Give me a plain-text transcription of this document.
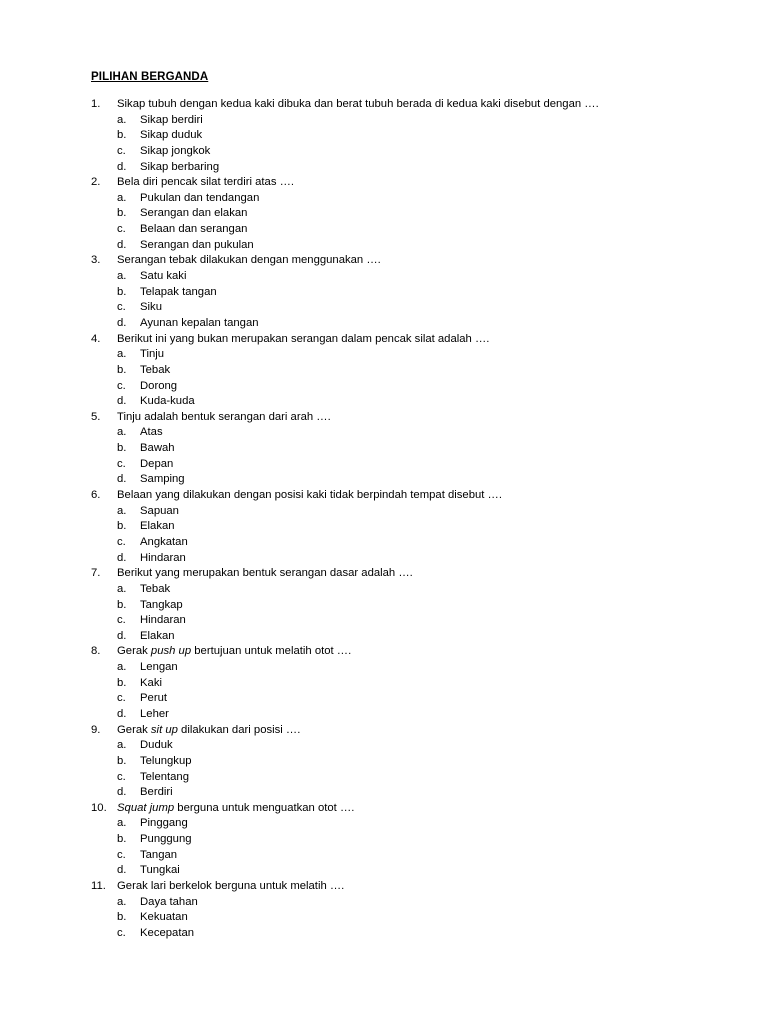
PILIHAN BERGANDA
1. Sikap tubuh dengan kedua kaki dibuka dan berat tubuh berada di kedua kaki disebut dengan ….
a. Sikap berdiri
b. Sikap duduk
c. Sikap jongkok
d. Sikap berbaring
2. Bela diri pencak silat terdiri atas ….
a. Pukulan dan tendangan
b. Serangan dan elakan
c. Belaan dan serangan
d. Serangan dan pukulan
3. Serangan tebak dilakukan dengan menggunakan ….
a. Satu kaki
b. Telapak tangan
c. Siku
d. Ayunan kepalan tangan
4. Berikut ini yang bukan merupakan serangan dalam pencak silat adalah ….
a. Tinju
b. Tebak
c. Dorong
d. Kuda-kuda
5. Tinju adalah bentuk serangan dari arah ….
a. Atas
b. Bawah
c. Depan
d. Samping
6. Belaan yang dilakukan dengan posisi kaki tidak berpindah tempat disebut ….
a. Sapuan
b. Elakan
c. Angkatan
d. Hindaran
7. Berikut yang merupakan bentuk serangan dasar adalah ….
a. Tebak
b. Tangkap
c. Hindaran
d. Elakan
8. Gerak push up bertujuan untuk melatih otot ….
a. Lengan
b. Kaki
c. Perut
d. Leher
9. Gerak sit up dilakukan dari posisi ….
a. Duduk
b. Telungkup
c. Telentang
d. Berdiri
10. Squat jump berguna untuk menguatkan otot ….
a. Pinggang
b. Punggung
c. Tangan
d. Tungkai
11. Gerak lari berkelok berguna untuk melatih ….
a. Daya tahan
b. Kekuatan
c. Kecepatan
